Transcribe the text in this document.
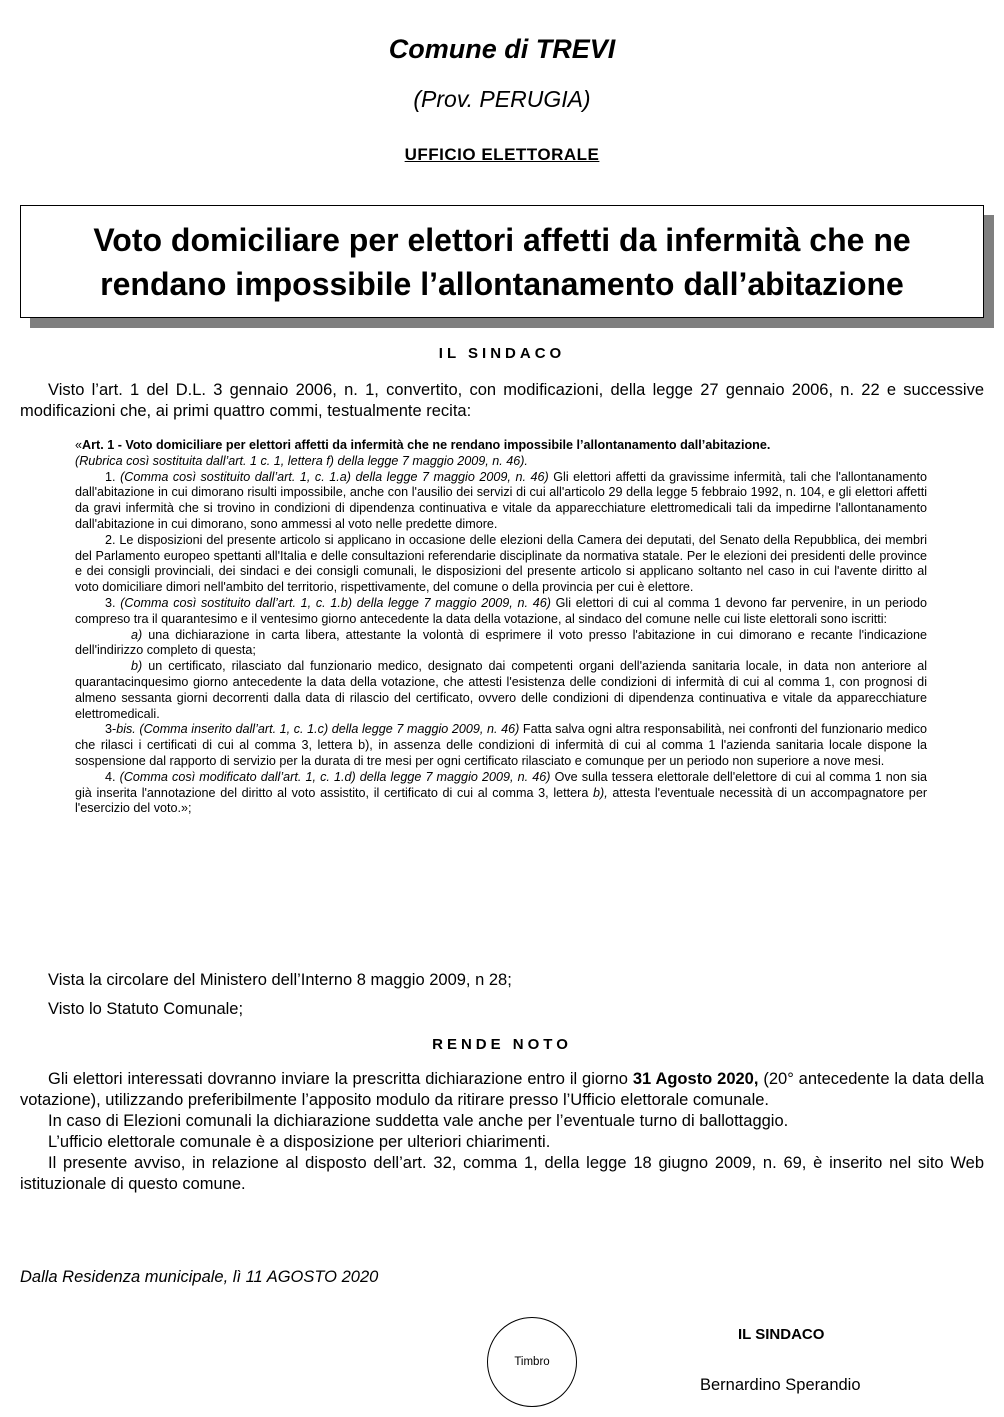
Comune di TREVI
(Prov. PERUGIA)
UFFICIO ELETTORALE
Voto domiciliare per elettori affetti da infermità che ne
rendano impossibile l’allontanamento dall’abitazione
IL SINDACO

Visto l’art. 1 del D.L. 3 gennaio 2006, n. 1, convertito, con modificazioni, della legge 27 gennaio 2006, n. 22 e successive modificazioni che, ai primi quattro commi, testualmente recita:

«Art. 1 - Voto domiciliare per elettori affetti da infermità che ne rendano impossibile l’allontanamento dall’abitazione.

(Rubrica così sostituita dall’art. 1 c. 1, lettera f) della legge 7 maggio 2009, n. 46).

1. (Comma così sostituito dall’art. 1, c. 1.a) della legge 7 maggio 2009, n. 46) Gli elettori affetti da gravissime infermità, tali che l'allontanamento dall'abitazione in cui dimorano risulti impossibile, anche con l'ausilio dei servizi di cui all'articolo 29 della legge 5 febbraio 1992, n. 104, e gli elettori affetti da gravi infermità che si trovino in condizioni di dipendenza continuativa e vitale da apparecchiature elettromedicali tali da impedirne l'allontanamento dall'abitazione in cui dimorano, sono ammessi al voto nelle predette dimore.

2. Le disposizioni del presente articolo si applicano in occasione delle elezioni della Camera dei deputati, del Senato della Repubblica, dei membri del Parlamento europeo spettanti all'Italia e delle consultazioni referendarie disciplinate da normativa statale. Per le elezioni dei presidenti delle province e dei consigli provinciali, dei sindaci e dei consigli comunali, le disposizioni del presente articolo si applicano soltanto nel caso in cui l'avente diritto al voto domiciliare dimori nell'ambito del territorio, rispettivamente, del comune o della provincia per cui è elettore.

3. (Comma così sostituito dall’art. 1, c. 1.b) della legge 7 maggio 2009, n. 46) Gli elettori di cui al comma 1 devono far pervenire, in un periodo compreso tra il quarantesimo e il ventesimo giorno antecedente la data della votazione, al sindaco del comune nelle cui liste elettorali sono iscritti:

a) una dichiarazione in carta libera, attestante la volontà di esprimere il voto presso l'abitazione in cui dimorano e recante l'indicazione dell'indirizzo completo di questa;

b) un certificato, rilasciato dal funzionario medico, designato dai competenti organi dell'azienda sanitaria locale, in data non anteriore al quarantacinquesimo giorno antecedente la data della votazione, che attesti l'esistenza delle condizioni di infermità di cui al comma 1, con prognosi di almeno sessanta giorni decorrenti dalla data di rilascio del certificato, ovvero delle condizioni di dipendenza continuativa e vitale da apparecchiature elettromedicali.

3-bis. (Comma inserito dall’art. 1, c. 1.c) della legge 7 maggio 2009, n. 46) Fatta salva ogni altra responsabilità, nei confronti del funzionario medico che rilasci i certificati di cui al comma 3, lettera b), in assenza delle condizioni di infermità di cui al comma 1 l'azienda sanitaria locale dispone la sospensione dal rapporto di servizio per la durata di tre mesi per ogni certificato rilasciato e comunque per un periodo non superiore a nove mesi.

4. (Comma così modificato dall’art. 1, c. 1.d) della legge 7 maggio 2009, n. 46) Ove sulla tessera elettorale dell'elettore di cui al comma 1 non sia già inserita l'annotazione del diritto al voto assistito, il certificato di cui al comma 3, lettera b), attesta l'eventuale necessità di un accompagnatore per l'esercizio del voto.»;

Vista la circolare del Ministero dell’Interno 8 maggio 2009, n 28;
Visto lo Statuto Comunale;
RENDE NOTO

Gli elettori interessati dovranno inviare la prescritta dichiarazione entro il giorno 31 Agosto 2020, (20° antecedente la data della votazione), utilizzando preferibilmente l’apposito modulo da ritirare presso l’Ufficio elettorale comunale.

In caso di Elezioni comunali la dichiarazione suddetta vale anche per l’eventuale turno di ballottaggio.

L’ufficio elettorale comunale è a disposizione per ulteriori chiarimenti.

Il presente avviso, in relazione al disposto dell’art. 32, comma 1, della legge 18 giugno 2009, n. 69, è inserito nel sito Web istituzionale di questo comune.

Dalla Residenza municipale, lì 11 AGOSTO 2020
Timbro
IL SINDACO
Bernardino Sperandio
